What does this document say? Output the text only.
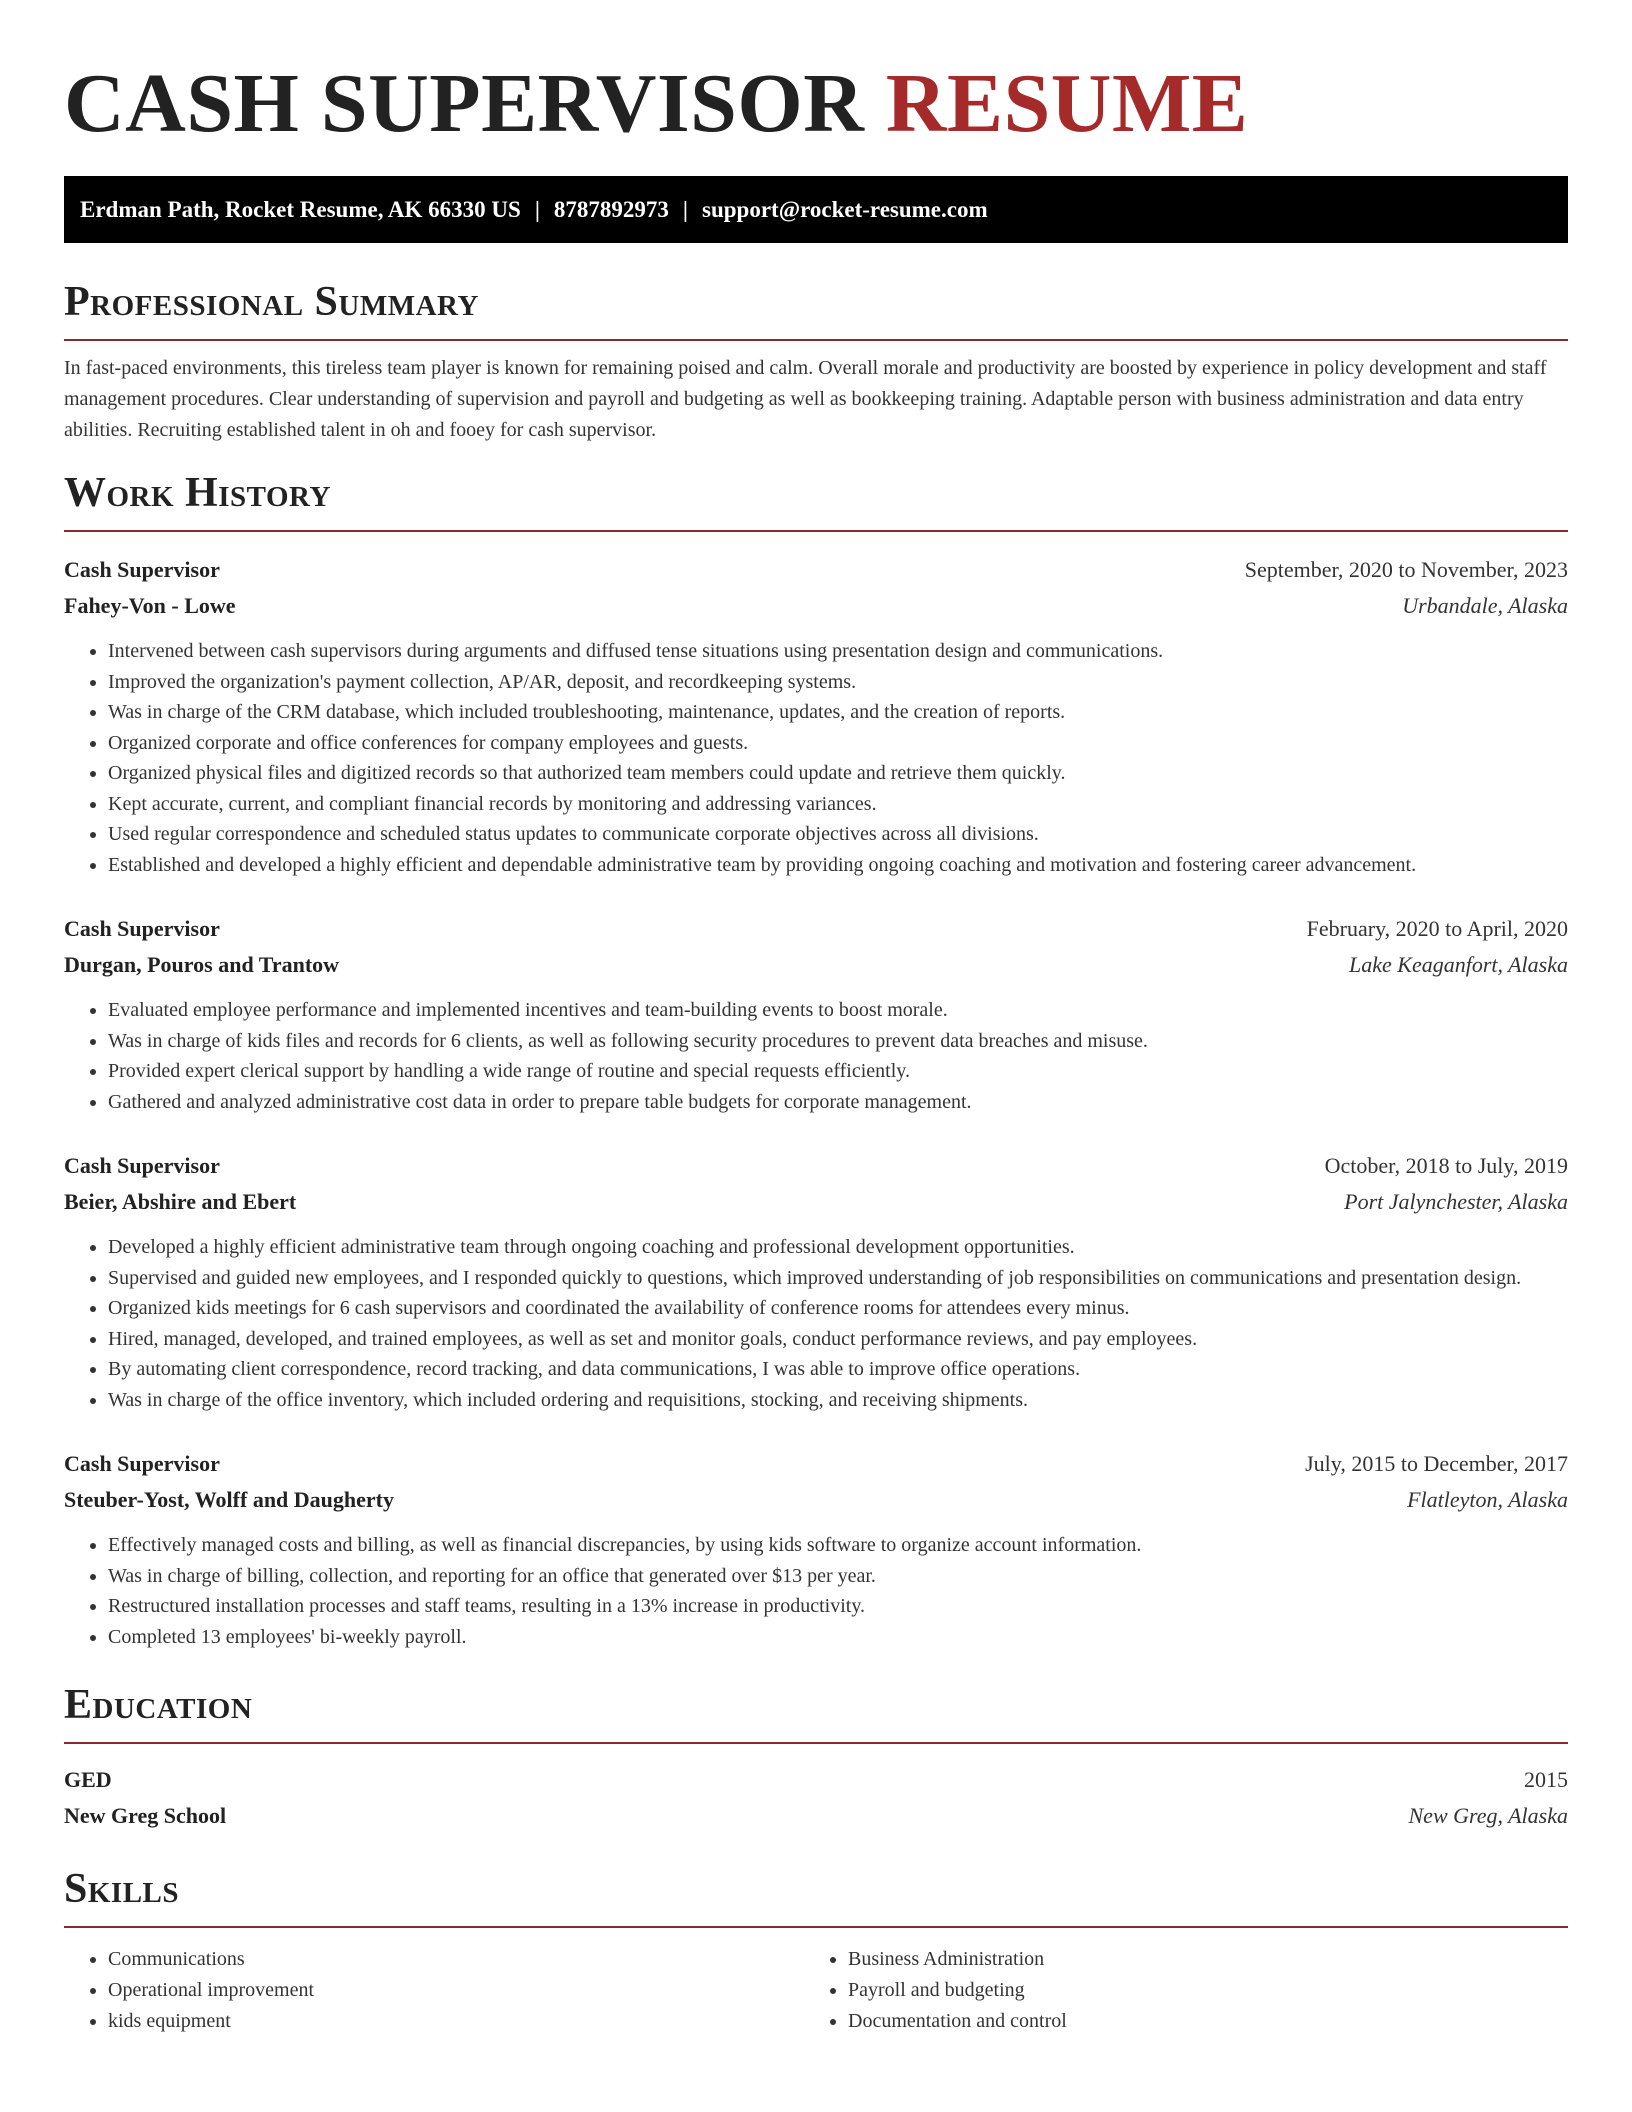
CASH SUPERVISOR RESUME
Erdman Path, Rocket Resume, AK 66330 US | 8787892973 | support@rocket-resume.com
Professional Summary

In fast-paced environments, this tireless team player is known for remaining poised and calm. Overall morale and productivity are boosted by experience in policy development and staff management procedures. Clear understanding of supervision and payroll and budgeting as well as bookkeeping training. Adaptable person with business administration and data entry abilities. Recruiting established talent in oh and fooey for cash supervisor.

Work History
Cash Supervisor	September, 2020 to November, 2023
Fahey-Von - Lowe	Urbandale, Alaska
• Intervened between cash supervisors during arguments and diffused tense situations using presentation design and communications.
• Improved the organization's payment collection, AP/AR, deposit, and recordkeeping systems.
• Was in charge of the CRM database, which included troubleshooting, maintenance, updates, and the creation of reports.
• Organized corporate and office conferences for company employees and guests.
• Organized physical files and digitized records so that authorized team members could update and retrieve them quickly.
• Kept accurate, current, and compliant financial records by monitoring and addressing variances.
• Used regular correspondence and scheduled status updates to communicate corporate objectives across all divisions.
• Established and developed a highly efficient and dependable administrative team by providing ongoing coaching and motivation and fostering career advancement.
Cash Supervisor	February, 2020 to April, 2020
Durgan, Pouros and Trantow	Lake Keaganfort, Alaska
• Evaluated employee performance and implemented incentives and team-building events to boost morale.
• Was in charge of kids files and records for 6 clients, as well as following security procedures to prevent data breaches and misuse.
• Provided expert clerical support by handling a wide range of routine and special requests efficiently.
• Gathered and analyzed administrative cost data in order to prepare table budgets for corporate management.
Cash Supervisor	October, 2018 to July, 2019
Beier, Abshire and Ebert	Port Jalynchester, Alaska
• Developed a highly efficient administrative team through ongoing coaching and professional development opportunities.
• Supervised and guided new employees, and I responded quickly to questions, which improved understanding of job responsibilities on communications and presentation design.
• Organized kids meetings for 6 cash supervisors and coordinated the availability of conference rooms for attendees every minus.
• Hired, managed, developed, and trained employees, as well as set and monitor goals, conduct performance reviews, and pay employees.
• By automating client correspondence, record tracking, and data communications, I was able to improve office operations.
• Was in charge of the office inventory, which included ordering and requisitions, stocking, and receiving shipments.
Cash Supervisor	July, 2015 to December, 2017
Steuber-Yost, Wolff and Daugherty	Flatleyton, Alaska
• Effectively managed costs and billing, as well as financial discrepancies, by using kids software to organize account information.
• Was in charge of billing, collection, and reporting for an office that generated over $13 per year.
• Restructured installation processes and staff teams, resulting in a 13% increase in productivity.
• Completed 13 employees' bi-weekly payroll.
Education
GED	2015
New Greg School	New Greg, Alaska
Skills
• Communications
• Operational improvement
• kids equipment
• Business Administration
• Payroll and budgeting
• Documentation and control
